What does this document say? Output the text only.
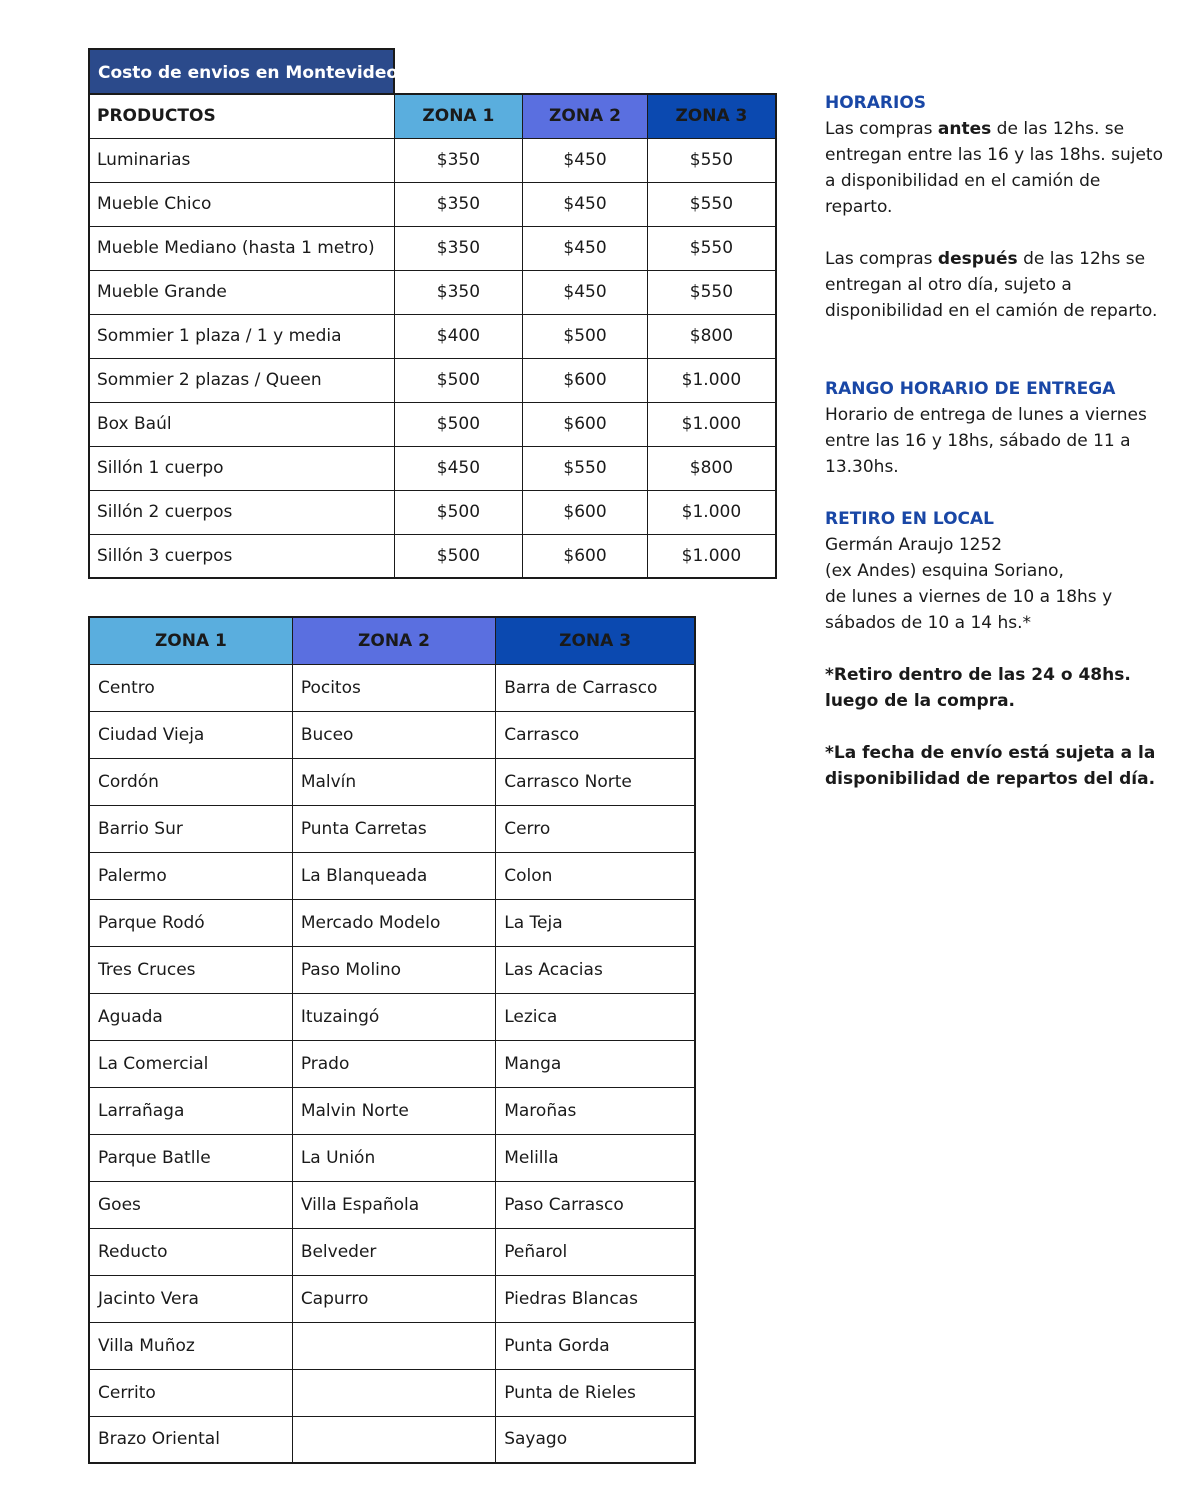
Costo de envios en Montevideo
PRODUCTOS	ZONA 1	ZONA 2	ZONA 3
Luminarias	$350	$450	$550
Mueble Chico	$350	$450	$550
Mueble Mediano (hasta 1 metro)	$350	$450	$550
Mueble Grande	$350	$450	$550
Sommier 1 plaza / 1 y media	$400	$500	$800
Sommier 2 plazas / Queen	$500	$600	$1.000
Box Baúl	$500	$600	$1.000
Sillón 1 cuerpo	$450	$550	$800
Sillón 2 cuerpos	$500	$600	$1.000
Sillón 3 cuerpos	$500	$600	$1.000
ZONA 1	ZONA 2	ZONA 3
Centro	Pocitos	Barra de Carrasco
Ciudad Vieja	Buceo	Carrasco
Cordón	Malvín	Carrasco Norte
Barrio Sur	Punta Carretas	Cerro
Palermo	La Blanqueada	Colon
Parque Rodó	Mercado Modelo	La Teja
Tres Cruces	Paso Molino	Las Acacias
Aguada	Ituzaingó	Lezica
La Comercial	Prado	Manga
Larrañaga	Malvin Norte	Maroñas
Parque Batlle	La Unión	Melilla
Goes	Villa Española	Paso Carrasco
Reducto	Belveder	Peñarol
Jacinto Vera	Capurro	Piedras Blancas
Villa Muñoz		Punta Gorda
Cerrito		Punta de Rieles
Brazo Oriental		Sayago
HORARIOS
Las compras antes de las 12hs. se entregan entre las 16 y las 18hs. sujeto a disponibilidad en el camión de reparto.
Las compras después de las 12hs se entregan al otro día, sujeto a disponibilidad en el camión de reparto.
RANGO HORARIO DE ENTREGA
Horario de entrega de lunes a viernes entre las 16 y 18hs, sábado de 11 a 13.30hs.
RETIRO EN LOCAL
Germán Araujo 1252
(ex Andes) esquina Soriano,
de lunes a viernes de 10 a 18hs y sábados de 10 a 14 hs.*
*Retiro dentro de las 24 o 48hs. luego de la compra.
*La fecha de envío está sujeta a la disponibilidad de repartos del día.
